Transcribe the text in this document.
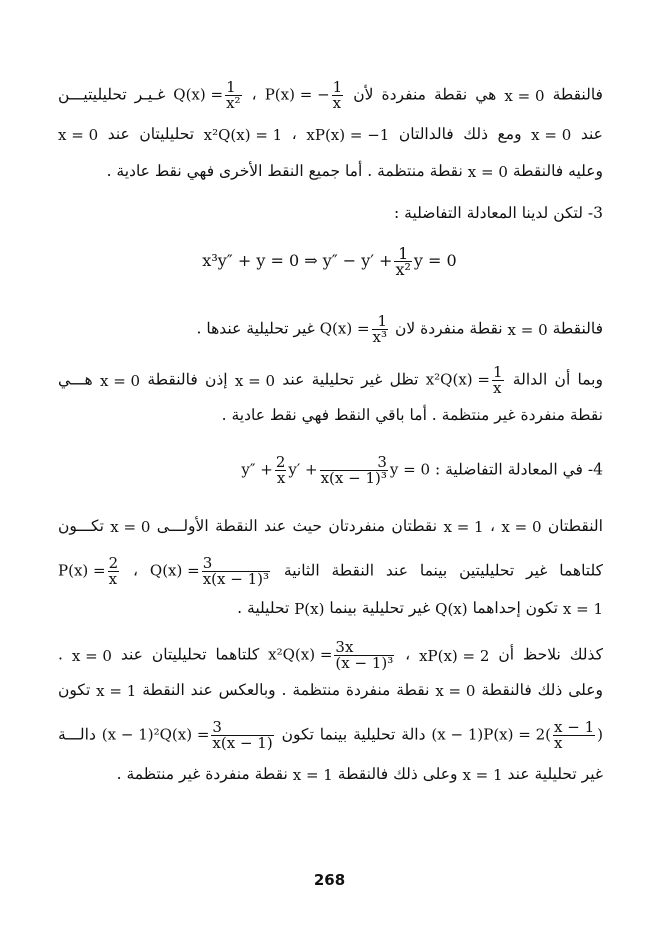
فالنقطة x = 0 هي نقطة منفردة لأن P(x) = − $\frac{1}{x}$
، $Q(x) = \frac{1}{\text{x²}}$
غـيـر تحليليتيـــن
عند x = 0 ومع ذلك فالدالتان xP(x) = −1 ، x²Q(x) = 1 تحليليتان عند x = 0
وعليه فالنقطة x = 0 نقطة منتظمة . أما جميع النقط الأخرى فهي نقط عادية .
3- لتكن لدينا المعادلة التفاضلية :
x³y″ + y = 0 ⇒ $y'' - y' + \frac{1}{\text{x²}}$ y = 0
فالنقطة x = 0 نقطة منفردة لان $Q(x) = \frac{1}{\text{x³}}$
غير تحليلية عندها .
وبما أن الدالة $x^2Q(x) = \frac{1}{x}$
تظل غير تحليلية عند x = 0 إذن فالنقطة x = 0 هـــي
نقطة منفردة غير منتظمة . أما باقي النقط فهي نقط عادية .
4- في المعادلة التفاضلية : $y'' + \frac{2}{x} y' + \frac{3}{\text{x(x − 1)³}}$ y = 0
النقطتان x = 0 ، x = 1 نقطتان منفردتان حيث عند النقطة الأولـــى x = 0 تكـــون
كلتاهما غير تحليليتين بينما عند النقطة الثانية $Q(x) = \frac{3}{\text{x(x − 1)³}}$
، $P(x) = \frac{2}{x}$
x = 1 تكون إحداهما Q(x) غير تحليلية بينما P(x) تحليلية .
كذلك نلاحظ أن xP(x) = 2 ، $x^2Q(x) = \frac{3x}{\text{(x − 1)³}}$
كلتاهما تحليليتان عند x = 0 .
وعلى ذلك فالنقطة x = 0 نقطة منفردة منتظمة . وبالعكس عند النقطة x = 1 تكون
$(x - 1)P(x) = 2( \frac{x - 1}{x}$ ) دالة تحليلية بينما تكون $(x - 1)^2Q(x) = \frac{3}{x(x - 1)}$
دالـــة
غير تحليلية عند x = 1 وعلى ذلك فالنقطة x = 1 نقطة منفردة غير منتظمة .
268
